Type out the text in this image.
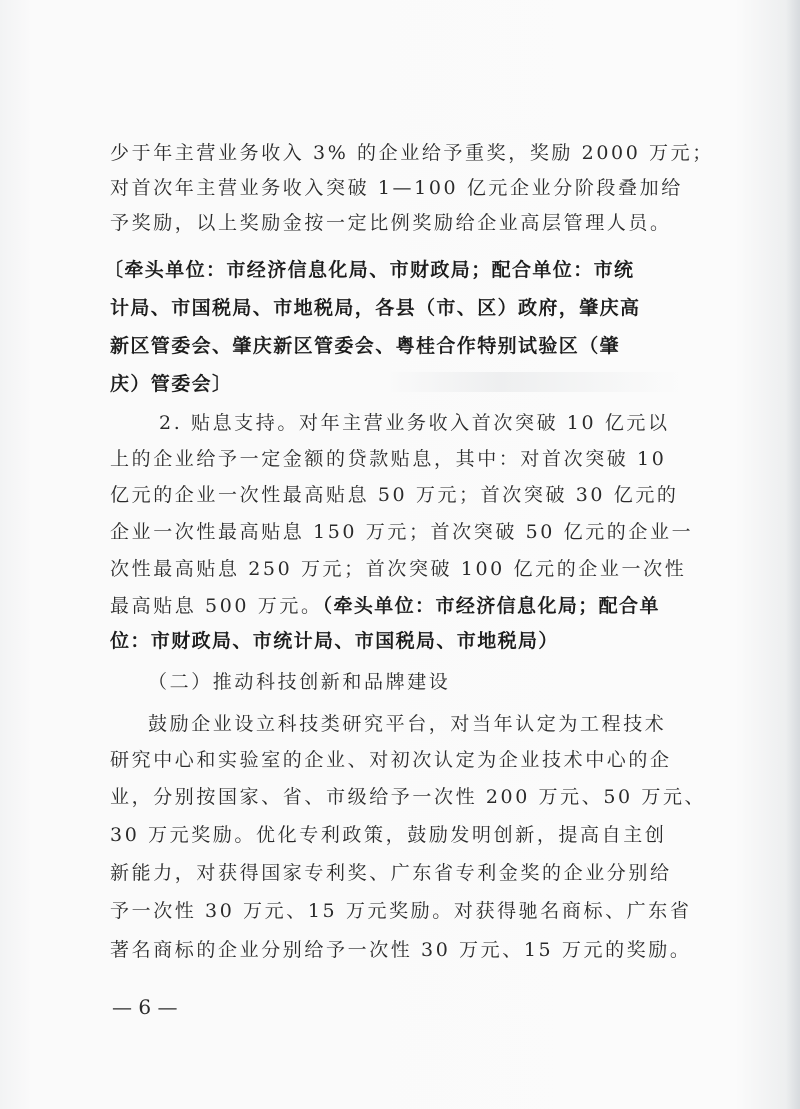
少于年主营业务收入 3% 的企业给予重奖，奖励 2000 万元；
对首次年主营业务收入突破 1—100 亿元企业分阶段叠加给
予奖励，以上奖励金按一定比例奖励给企业高层管理人员。
〔牵头单位：市经济信息化局、市财政局；配合单位：市统
计局、市国税局、市地税局，各县（市、区）政府，肇庆高
新区管委会、肇庆新区管委会、粤桂合作特别试验区（肇
庆）管委会〕
2. 贴息支持。对年主营业务收入首次突破 10 亿元以
上的企业给予一定金额的贷款贴息，其中：对首次突破 10
亿元的企业一次性最高贴息 50 万元；首次突破 30 亿元的
企业一次性最高贴息 150 万元；首次突破 50 亿元的企业一
次性最高贴息 250 万元；首次突破 100 亿元的企业一次性
最高贴息 500 万元。（牵头单位：市经济信息化局；配合单
位：市财政局、市统计局、市国税局、市地税局）
（二）推动科技创新和品牌建设
鼓励企业设立科技类研究平台，对当年认定为工程技术
研究中心和实验室的企业、对初次认定为企业技术中心的企
业，分别按国家、省、市级给予一次性 200 万元、50 万元、
30 万元奖励。优化专利政策，鼓励发明创新，提高自主创
新能力，对获得国家专利奖、广东省专利金奖的企业分别给
予一次性 30 万元、15 万元奖励。对获得驰名商标、广东省
著名商标的企业分别给予一次性 30 万元、15 万元的奖励。
— 6 —
